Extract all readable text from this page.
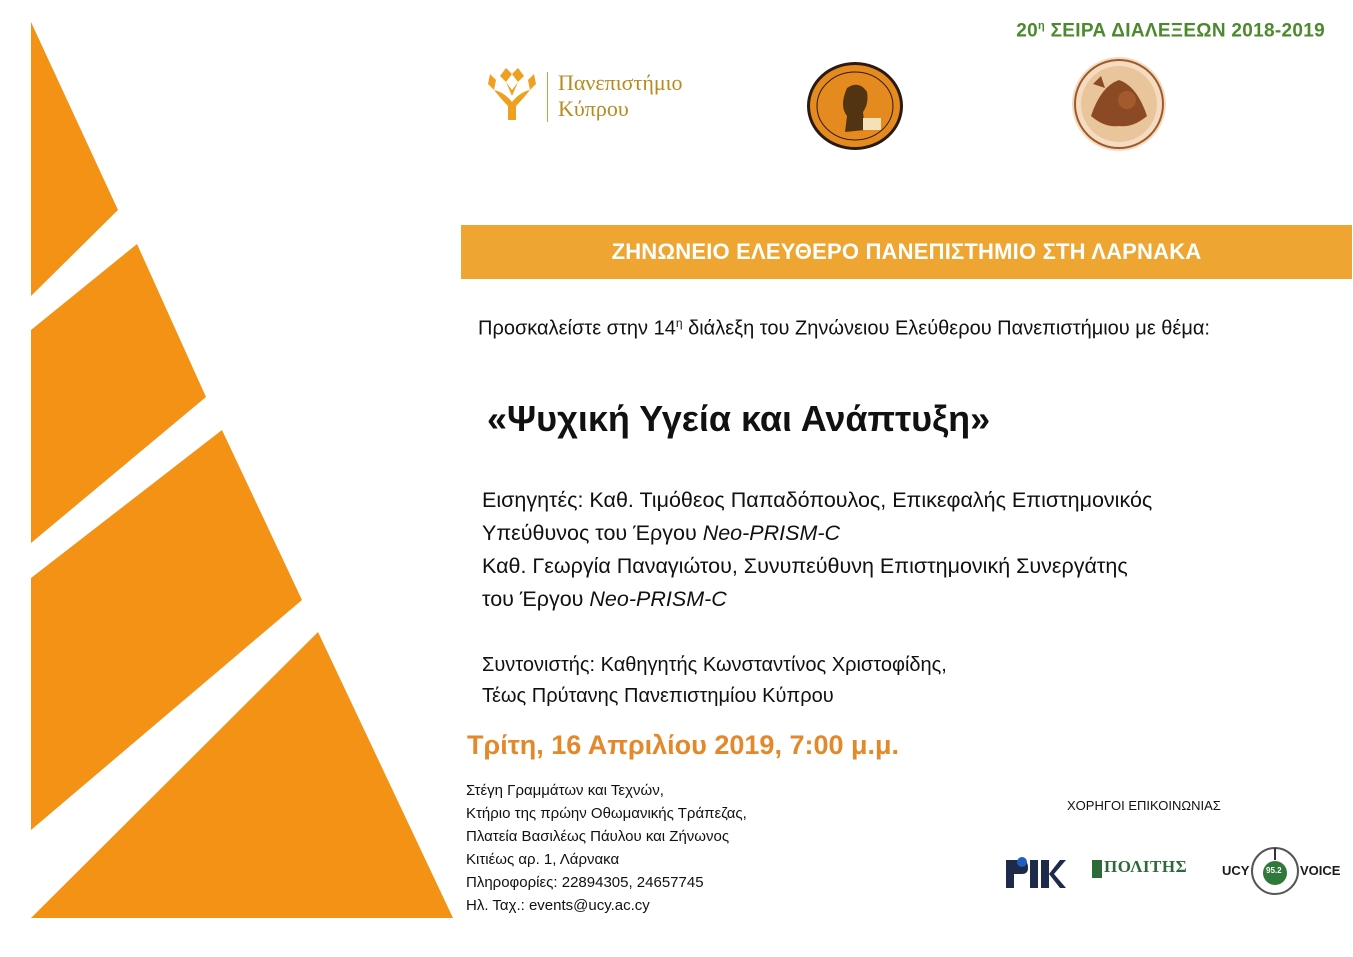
$20^\eta$ ΣΕΙΡΑ ΔΙΑΛΕΞΕΩΝ 2018-2019
Πανεπιστήμιο
Κύπρου
ΖΗΝΩΝΕΙΟ ΕΛΕΥΘΕΡΟ ΠΑΝΕΠΙΣΤΗΜΙΟ ΣΤΗ ΛΑΡΝΑΚΑ
Προσκαλείστε στην $14^\eta$ διάλεξη του Ζηνώνειου Ελεύθερου Πανεπιστήμιου με θέμα:
«Ψυχική Υγεία και Ανάπτυξη»
Εισηγητές: Καθ. Τιμόθεος Παπαδόπουλος, Επικεφαλής Επιστημονικός
Υπεύθυνος του Έργου Neo-PRISM-C
Καθ. Γεωργία Παναγιώτου, Συνυπεύθυνη Επιστημονική Συνεργάτης
του Έργου Neo-PRISM-C
Συντονιστής: Καθηγητής Κωνσταντίνος Χριστοφίδης,
Τέως Πρύτανης Πανεπιστημίου Κύπρου
Τρίτη, 16 Απριλίου 2019, 7:00 μ.μ.
Στέγη Γραμμάτων και Τεχνών,
Κτήριο της πρώην Οθωμανικής Τράπεζας,
Πλατεία Βασιλέως Πάυλου και Ζήνωνος
Κιτιέως αρ. 1, Λάρνακα
Πληροφορίες: 22894305, 24657745
Ηλ. Ταχ.: events@ucy.ac.cy
ΧΟΡΗΓΟΙ ΕΠΙΚΟΙΝΩΝΙΑΣ
ΠΟΛΙΤΗΣ	UCY 95.2 VOICE
